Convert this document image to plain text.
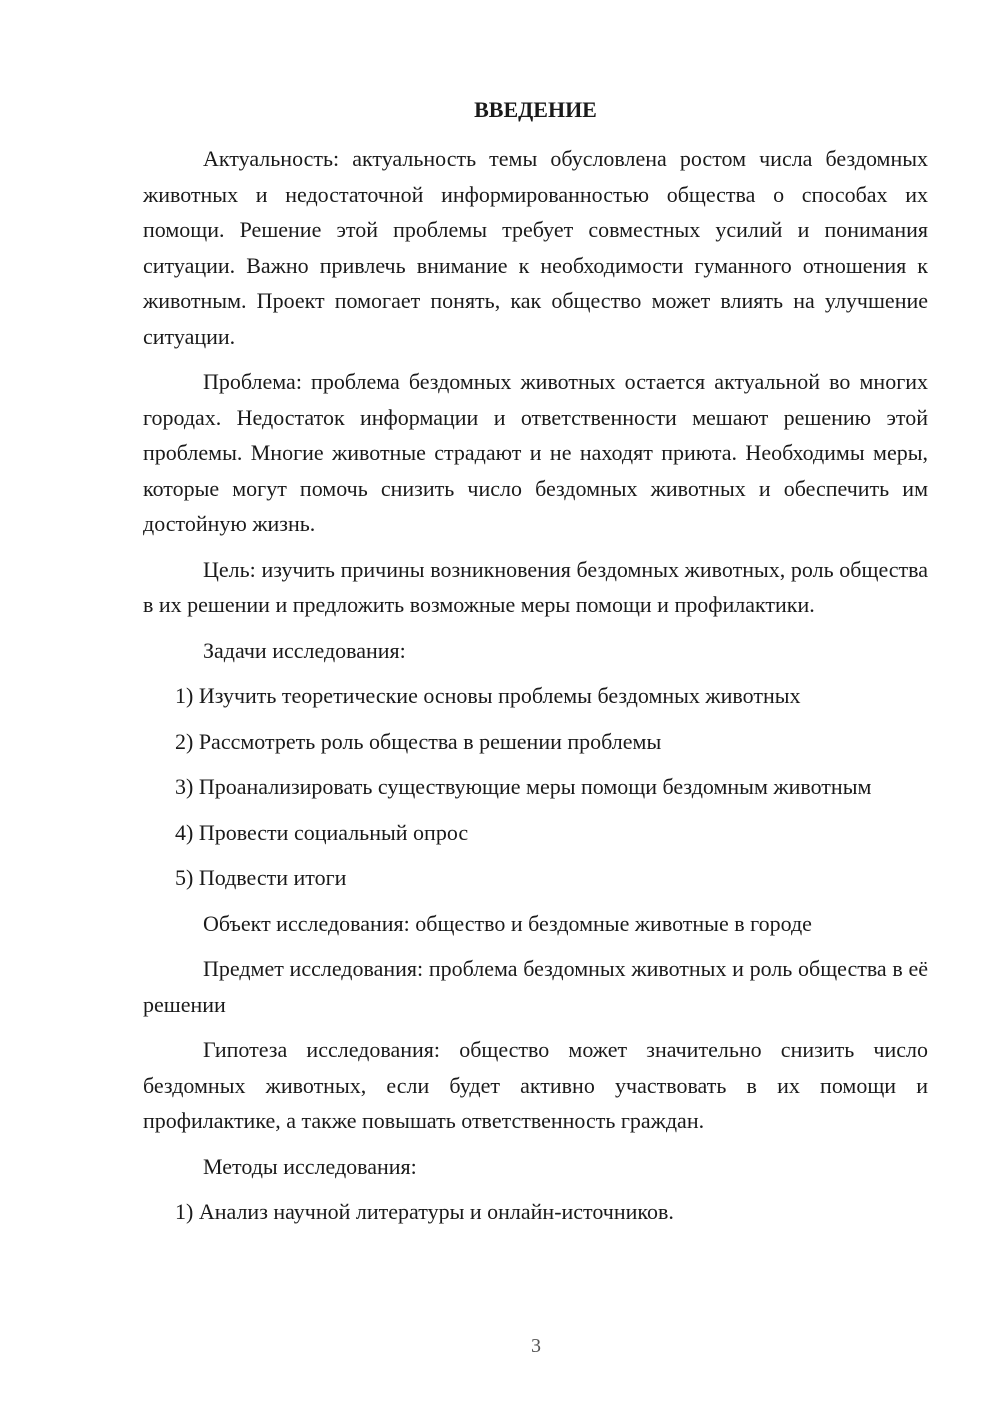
ВВЕДЕНИЕ

Актуальность: актуальность темы обусловлена ростом числа бездомных животных и недостаточной информированностью общества о способах их помощи. Решение этой проблемы требует совместных усилий и понимания ситуации. Важно привлечь внимание к необходимости гуманного отношения к животным. Проект помогает понять, как общество может влиять на улучшение ситуации.

Проблема: проблема бездомных животных остается актуальной во многих городах. Недостаток информации и ответственности мешают решению этой проблемы. Многие животные страдают и не находят приюта. Необходимы меры, которые могут помочь снизить число бездомных животных и обеспечить им достойную жизнь.

Цель: изучить причины возникновения бездомных животных, роль общества в их решении и предложить возможные меры помощи и профилактики.

Задачи исследования:

1) Изучить теоретические основы проблемы бездомных животных

2) Рассмотреть роль общества в решении проблемы

3) Проанализировать существующие меры помощи бездомным животным

4) Провести социальный опрос

5) Подвести итоги

Объект исследования: общество и бездомные животные в городе

Предмет исследования: проблема бездомных животных и роль общества в её решении

Гипотеза исследования: общество может значительно снизить число бездомных животных, если будет активно участвовать в их помощи и профилактике, а также повышать ответственность граждан.

Методы исследования:

1) Анализ научной литературы и онлайн-источников.

3
